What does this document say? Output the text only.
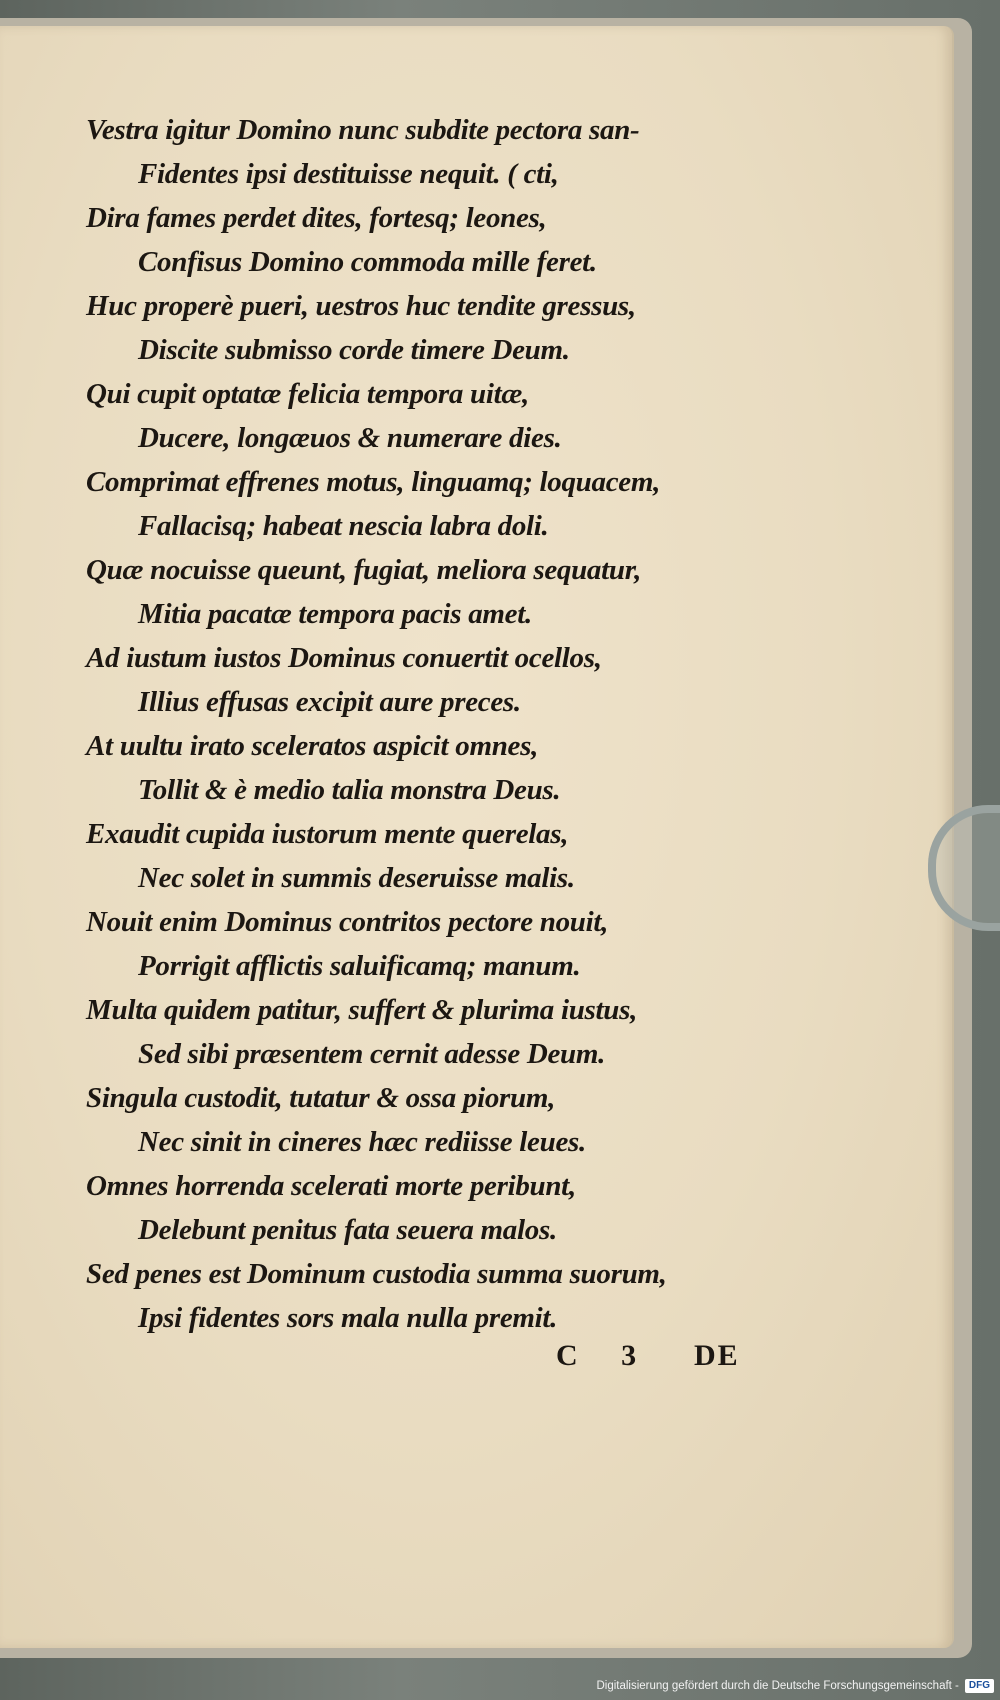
Vestra igitur Domino nunc subdite pectora san-
Fidentes ipsi destituisse nequit. ( cti,
Dira fames perdet dites, fortesq; leones,
Confisus Domino commoda mille feret.
Huc properè pueri, uestros huc tendite gressus,
Discite submisso corde timere Deum.
Qui cupit optatæ felicia tempora uitæ,
Ducere, longæuos & numerare dies.
Comprimat effrenes motus, linguamq; loquacem,
Fallacisq; habeat nescia labra doli.
Quæ nocuisse queunt, fugiat, meliora sequatur,
Mitia pacatæ tempora pacis amet.
Ad iustum iustos Dominus conuertit ocellos,
Illius effusas excipit aure preces.
At uultu irato sceleratos aspicit omnes,
Tollit & è medio talia monstra Deus.
Exaudit cupida iustorum mente querelas,
Nec solet in summis deseruisse malis.
Nouit enim Dominus contritos pectore nouit,
Porrigit afflictis saluificamq; manum.
Multa quidem patitur, suffert & plurima iustus,
Sed sibi præsentem cernit adesse Deum.
Singula custodit, tutatur & ossa piorum,
Nec sinit in cineres hæc rediisse leues.
Omnes horrenda scelerati morte peribunt,
Delebunt penitus fata seuera malos.
Sed penes est Dominum custodia summa suorum,
Ipsi fidentes sors mala nulla premit.
C 3 DE
Digitalisierung gefördert durch die Deutsche Forschungsgemeinschaft -	DFG
